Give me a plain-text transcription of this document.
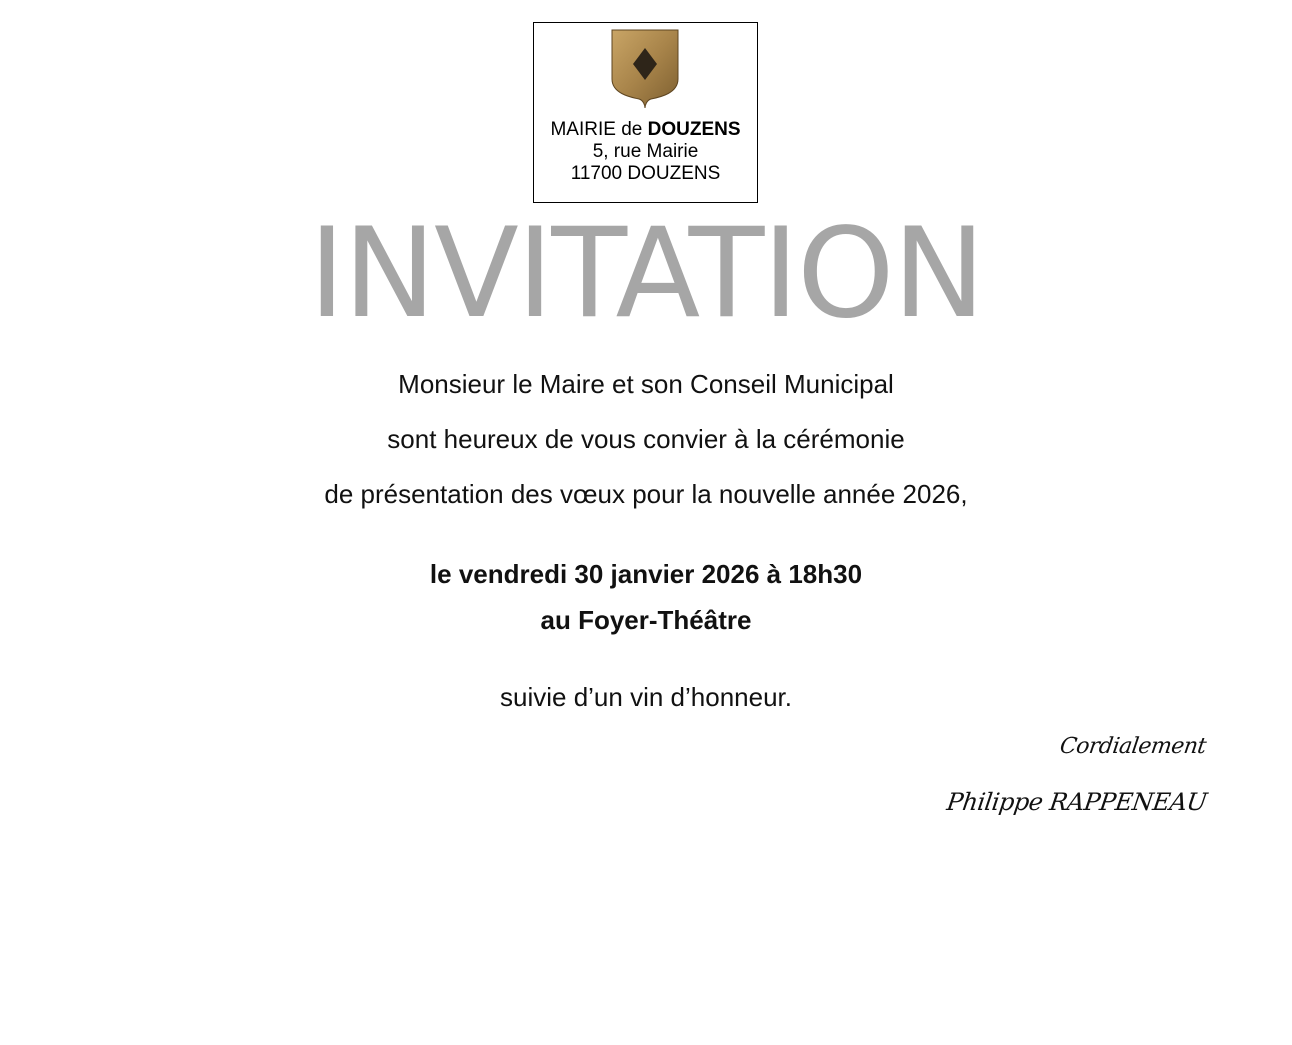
MAIRIE de DOUZENS
5, rue Mairie
11700 DOUZENS
INVITATION
Monsieur le Maire et son Conseil Municipal
sont heureux de vous convier à la cérémonie
de présentation des vœux pour la nouvelle année 2026,
le vendredi 30 janvier 2026 à 18h30
au Foyer-Théâtre
suivie d’un vin d’honneur.
Cordialement
Philippe RAPPENEAU
